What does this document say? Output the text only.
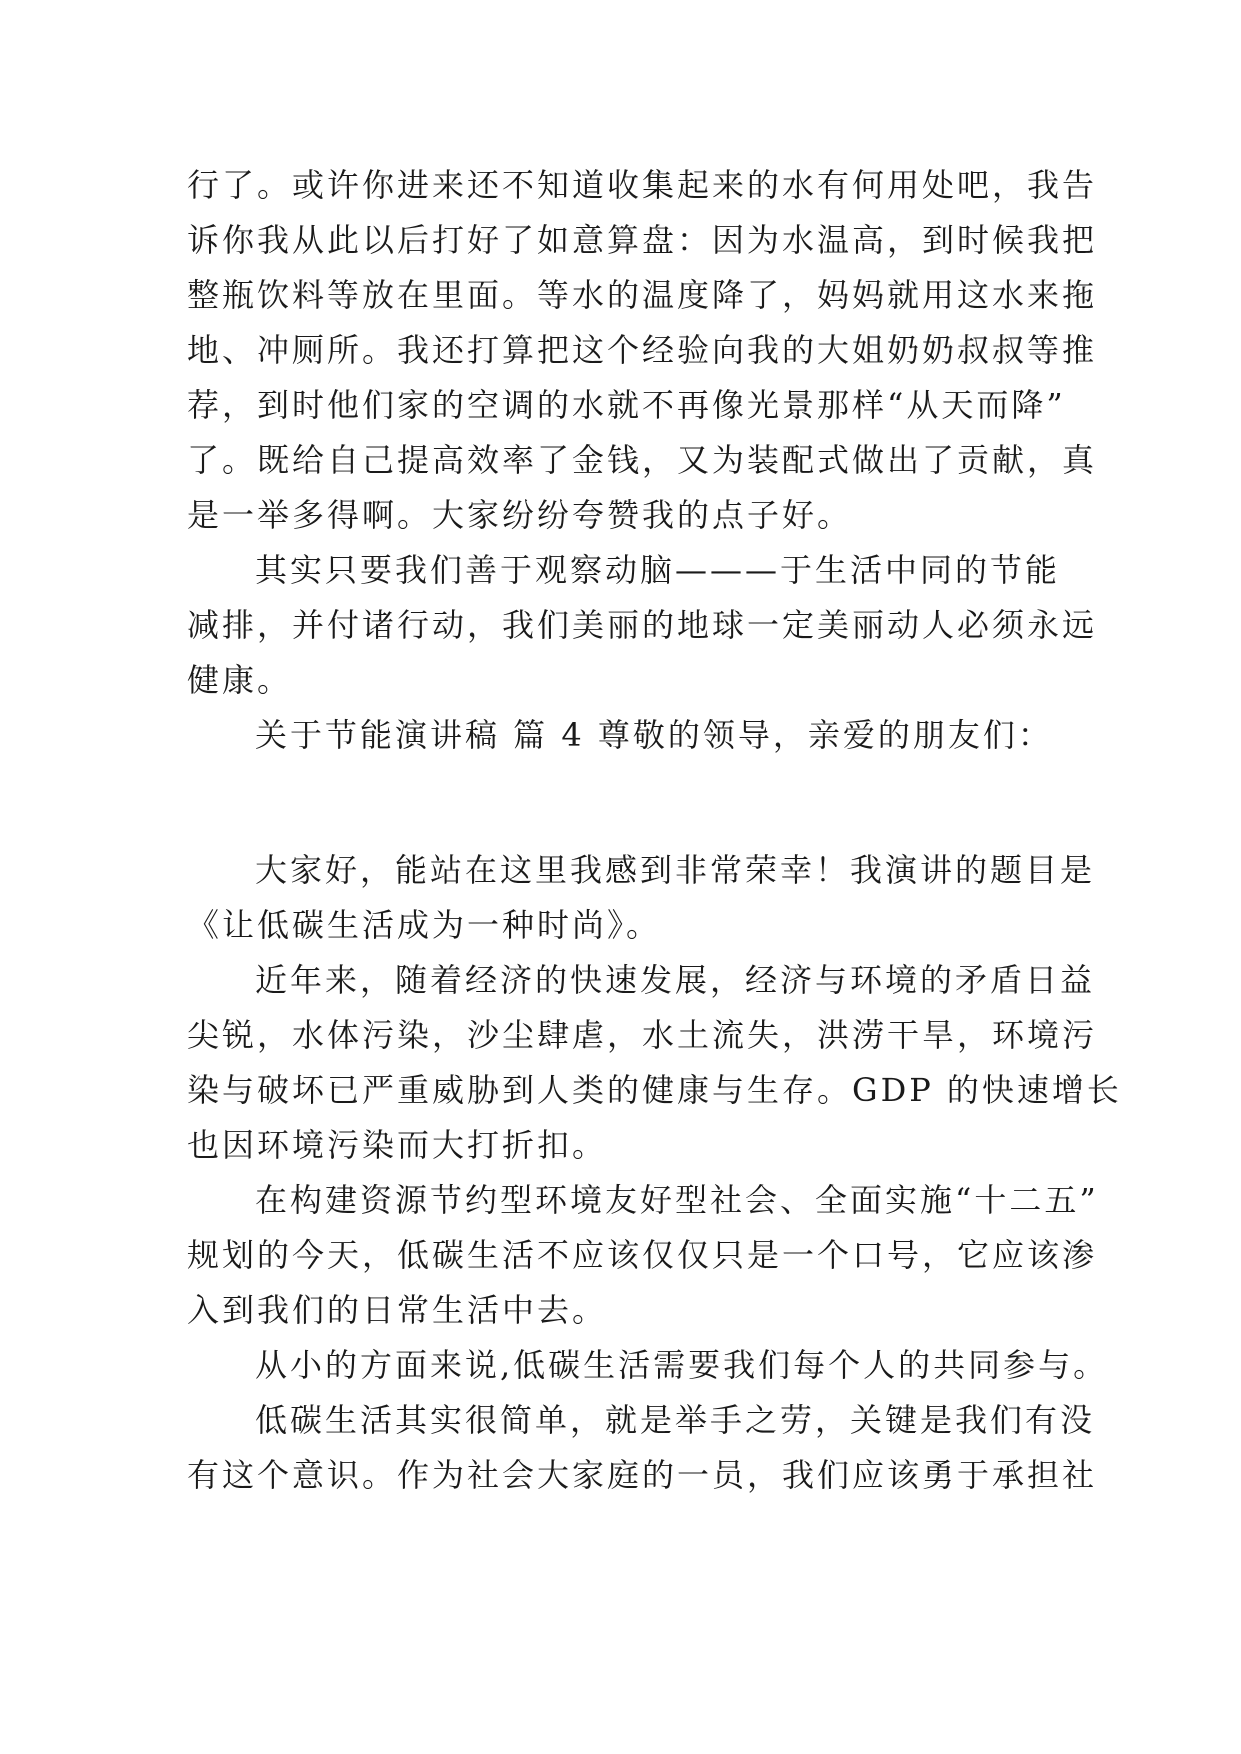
行了。或许你进来还不知道收集起来的水有何用处吧，我告
诉你我从此以后打好了如意算盘：因为水温高，到时候我把
整瓶饮料等放在里面。等水的温度降了，妈妈就用这水来拖
地、冲厕所。我还打算把这个经验向我的大姐奶奶叔叔等推
荐，到时他们家的空调的水就不再像光景那样“从天而降”
了。既给自己提高效率了金钱，又为装配式做出了贡献，真
是一举多得啊。大家纷纷夸赞我的点子好。
其实只要我们善于观察动脑———于生活中同的节能
减排，并付诸行动，我们美丽的地球一定美丽动人必须永远
健康。
关于节能演讲稿 篇 4 尊敬的领导，亲爱的朋友们：
大家好，能站在这里我感到非常荣幸！我演讲的题目是
《让低碳生活成为一种时尚》。
近年来，随着经济的快速发展，经济与环境的矛盾日益
尖锐，水体污染，沙尘肆虐，水土流失，洪涝干旱，环境污
染与破坏已严重威胁到人类的健康与生存。GDP 的快速增长
也因环境污染而大打折扣。
在构建资源节约型环境友好型社会、全面实施“十二五”
规划的今天，低碳生活不应该仅仅只是一个口号，它应该渗
入到我们的日常生活中去。
从小的方面来说,低碳生活需要我们每个人的共同参与。
低碳生活其实很简单，就是举手之劳，关键是我们有没
有这个意识。作为社会大家庭的一员，我们应该勇于承担社
